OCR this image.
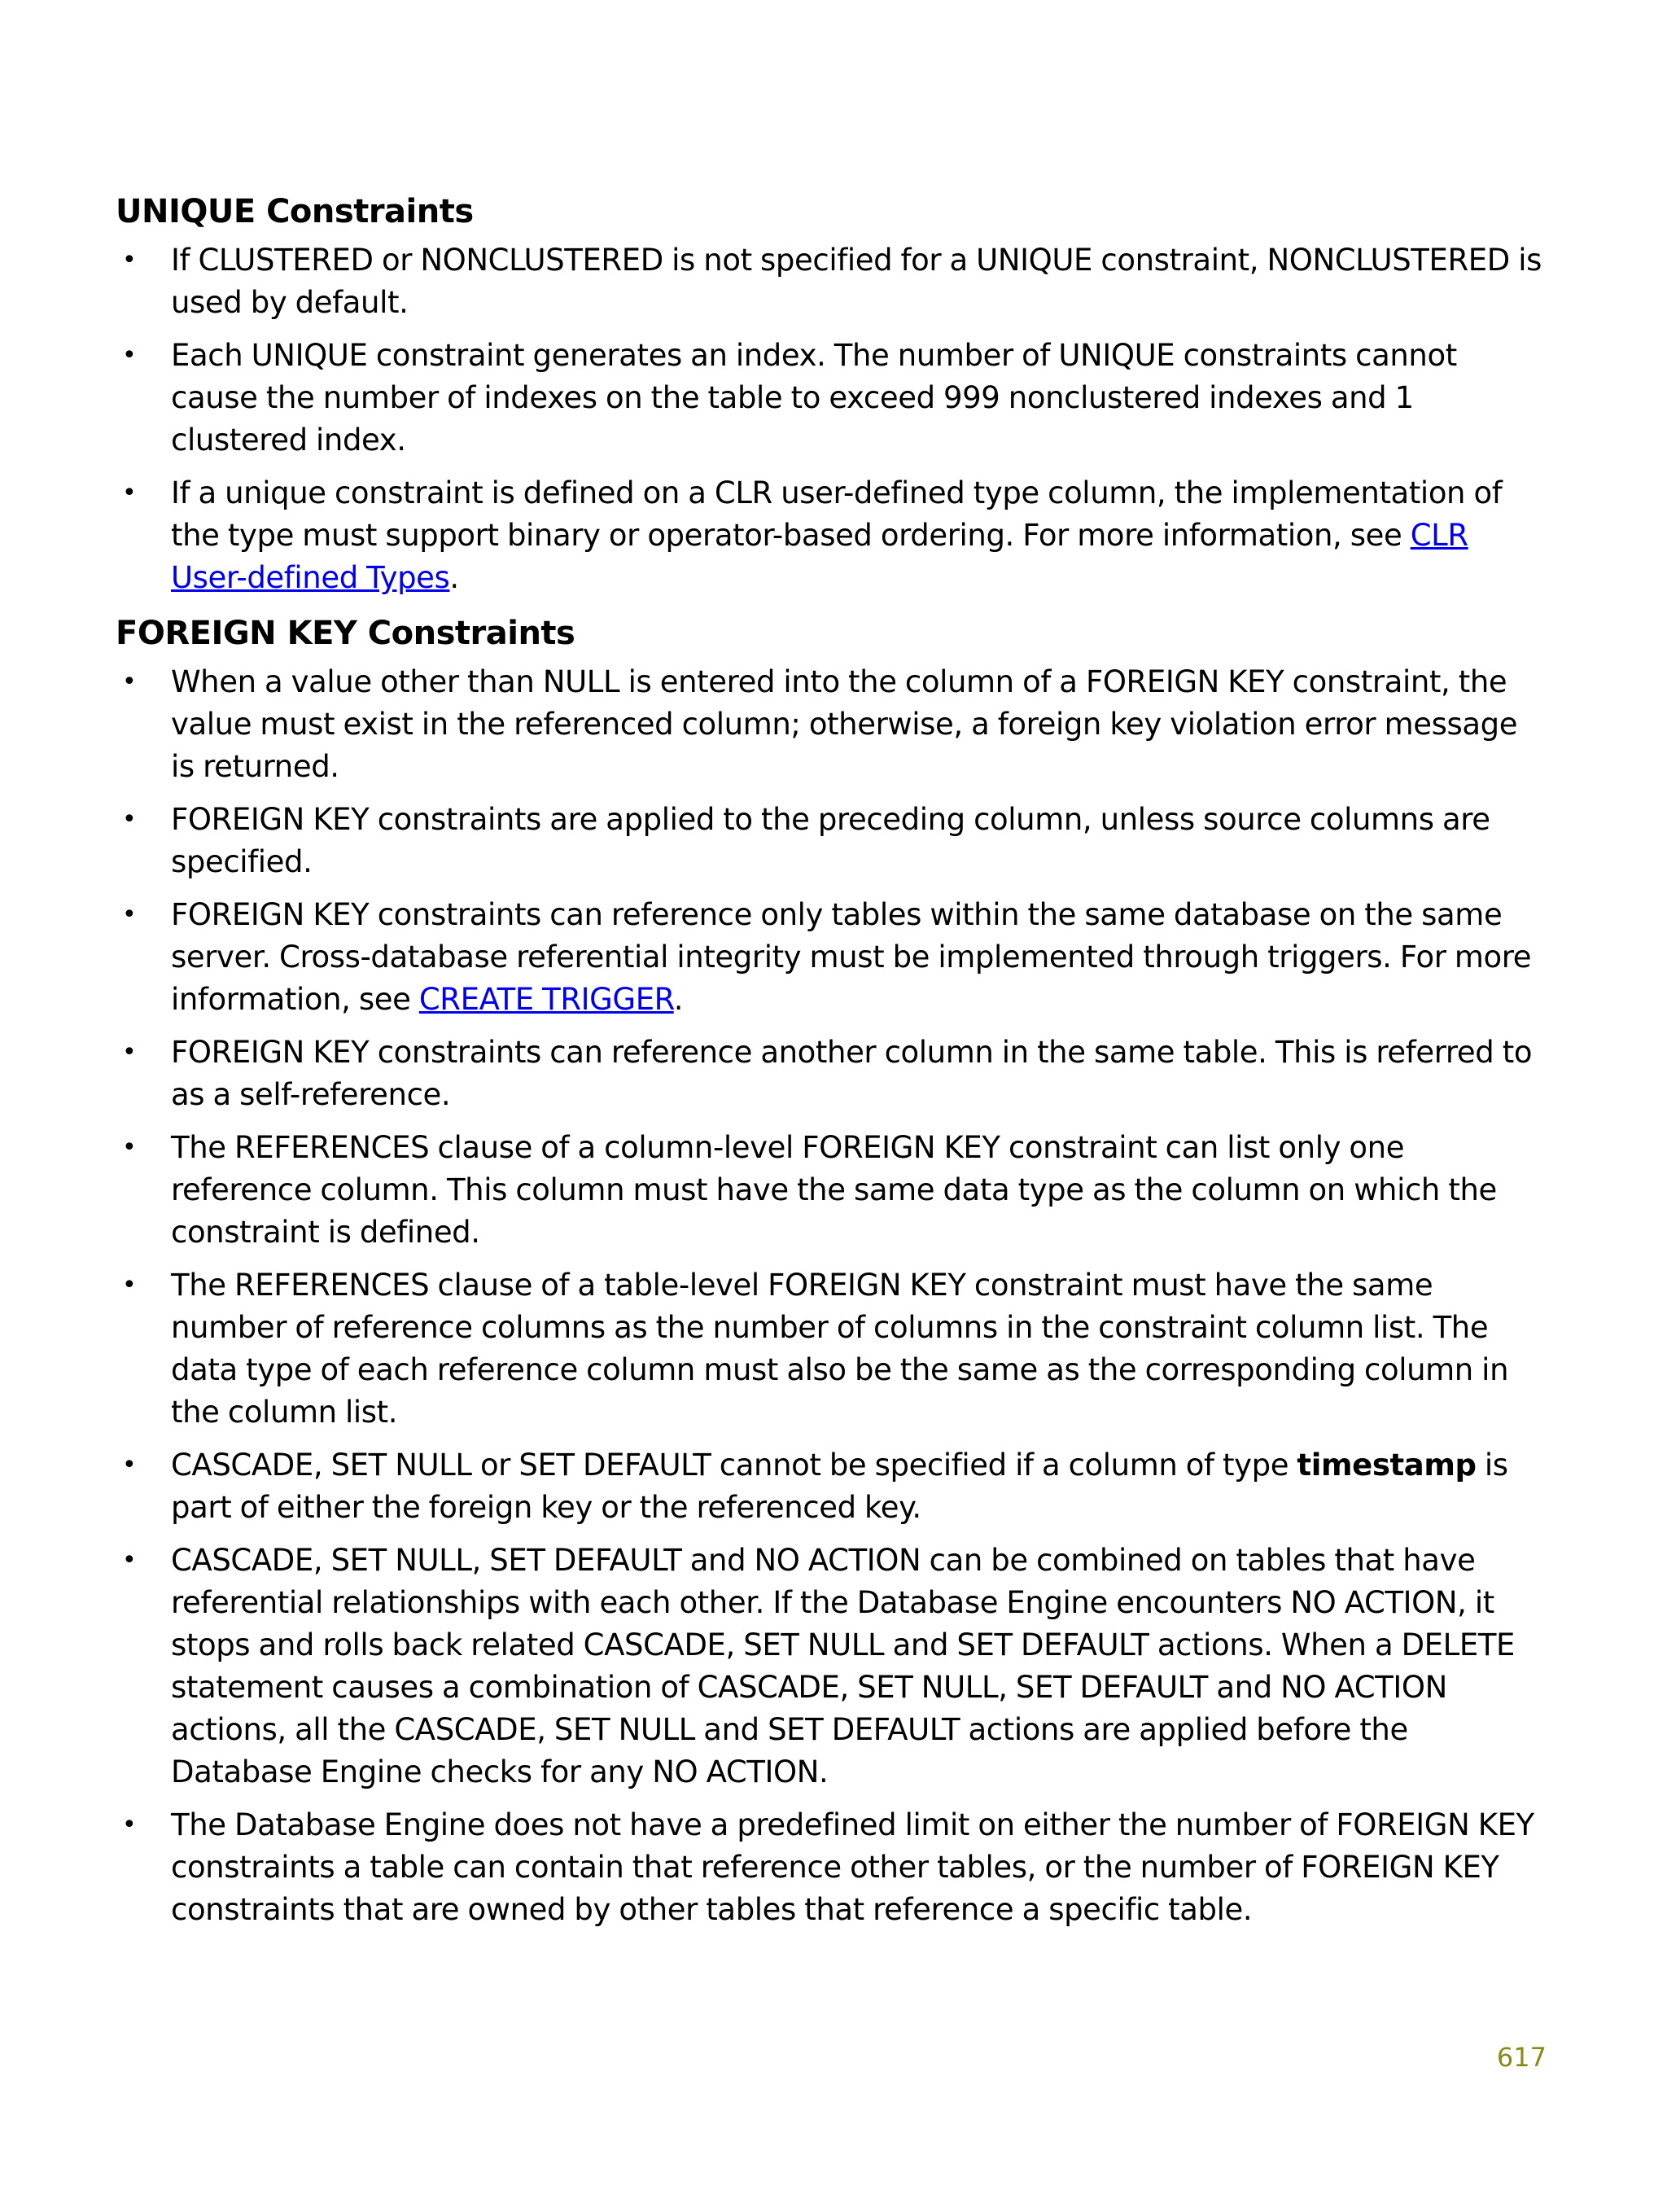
UNIQUE Constraints
• If CLUSTERED or NONCLUSTERED is not specified for a UNIQUE constraint, NONCLUSTERED is used by default.
• Each UNIQUE constraint generates an index. The number of UNIQUE constraints cannot cause the number of indexes on the table to exceed 999 nonclustered indexes and 1 clustered index.
• If a unique constraint is defined on a CLR user-defined type column, the implementation of the type must support binary or operator-based ordering. For more information, see CLR User-defined Types.
FOREIGN KEY Constraints
• When a value other than NULL is entered into the column of a FOREIGN KEY constraint, the value must exist in the referenced column; otherwise, a foreign key violation error message is returned.
• FOREIGN KEY constraints are applied to the preceding column, unless source columns are specified.
• FOREIGN KEY constraints can reference only tables within the same database on the same server. Cross-database referential integrity must be implemented through triggers. For more information, see CREATE TRIGGER.
• FOREIGN KEY constraints can reference another column in the same table. This is referred to as a self-reference.
• The REFERENCES clause of a column-level FOREIGN KEY constraint can list only one reference column. This column must have the same data type as the column on which the constraint is defined.
• The REFERENCES clause of a table-level FOREIGN KEY constraint must have the same number of reference columns as the number of columns in the constraint column list. The data type of each reference column must also be the same as the corresponding column in the column list.
• CASCADE, SET NULL or SET DEFAULT cannot be specified if a column of type timestamp is part of either the foreign key or the referenced key.
• CASCADE, SET NULL, SET DEFAULT and NO ACTION can be combined on tables that have referential relationships with each other. If the Database Engine encounters NO ACTION, it stops and rolls back related CASCADE, SET NULL and SET DEFAULT actions. When a DELETE statement causes a combination of CASCADE, SET NULL, SET DEFAULT and NO ACTION actions, all the CASCADE, SET NULL and SET DEFAULT actions are applied before the Database Engine checks for any NO ACTION.
• The Database Engine does not have a predefined limit on either the number of FOREIGN KEY constraints a table can contain that reference other tables, or the number of FOREIGN KEY constraints that are owned by other tables that reference a specific table.
617
